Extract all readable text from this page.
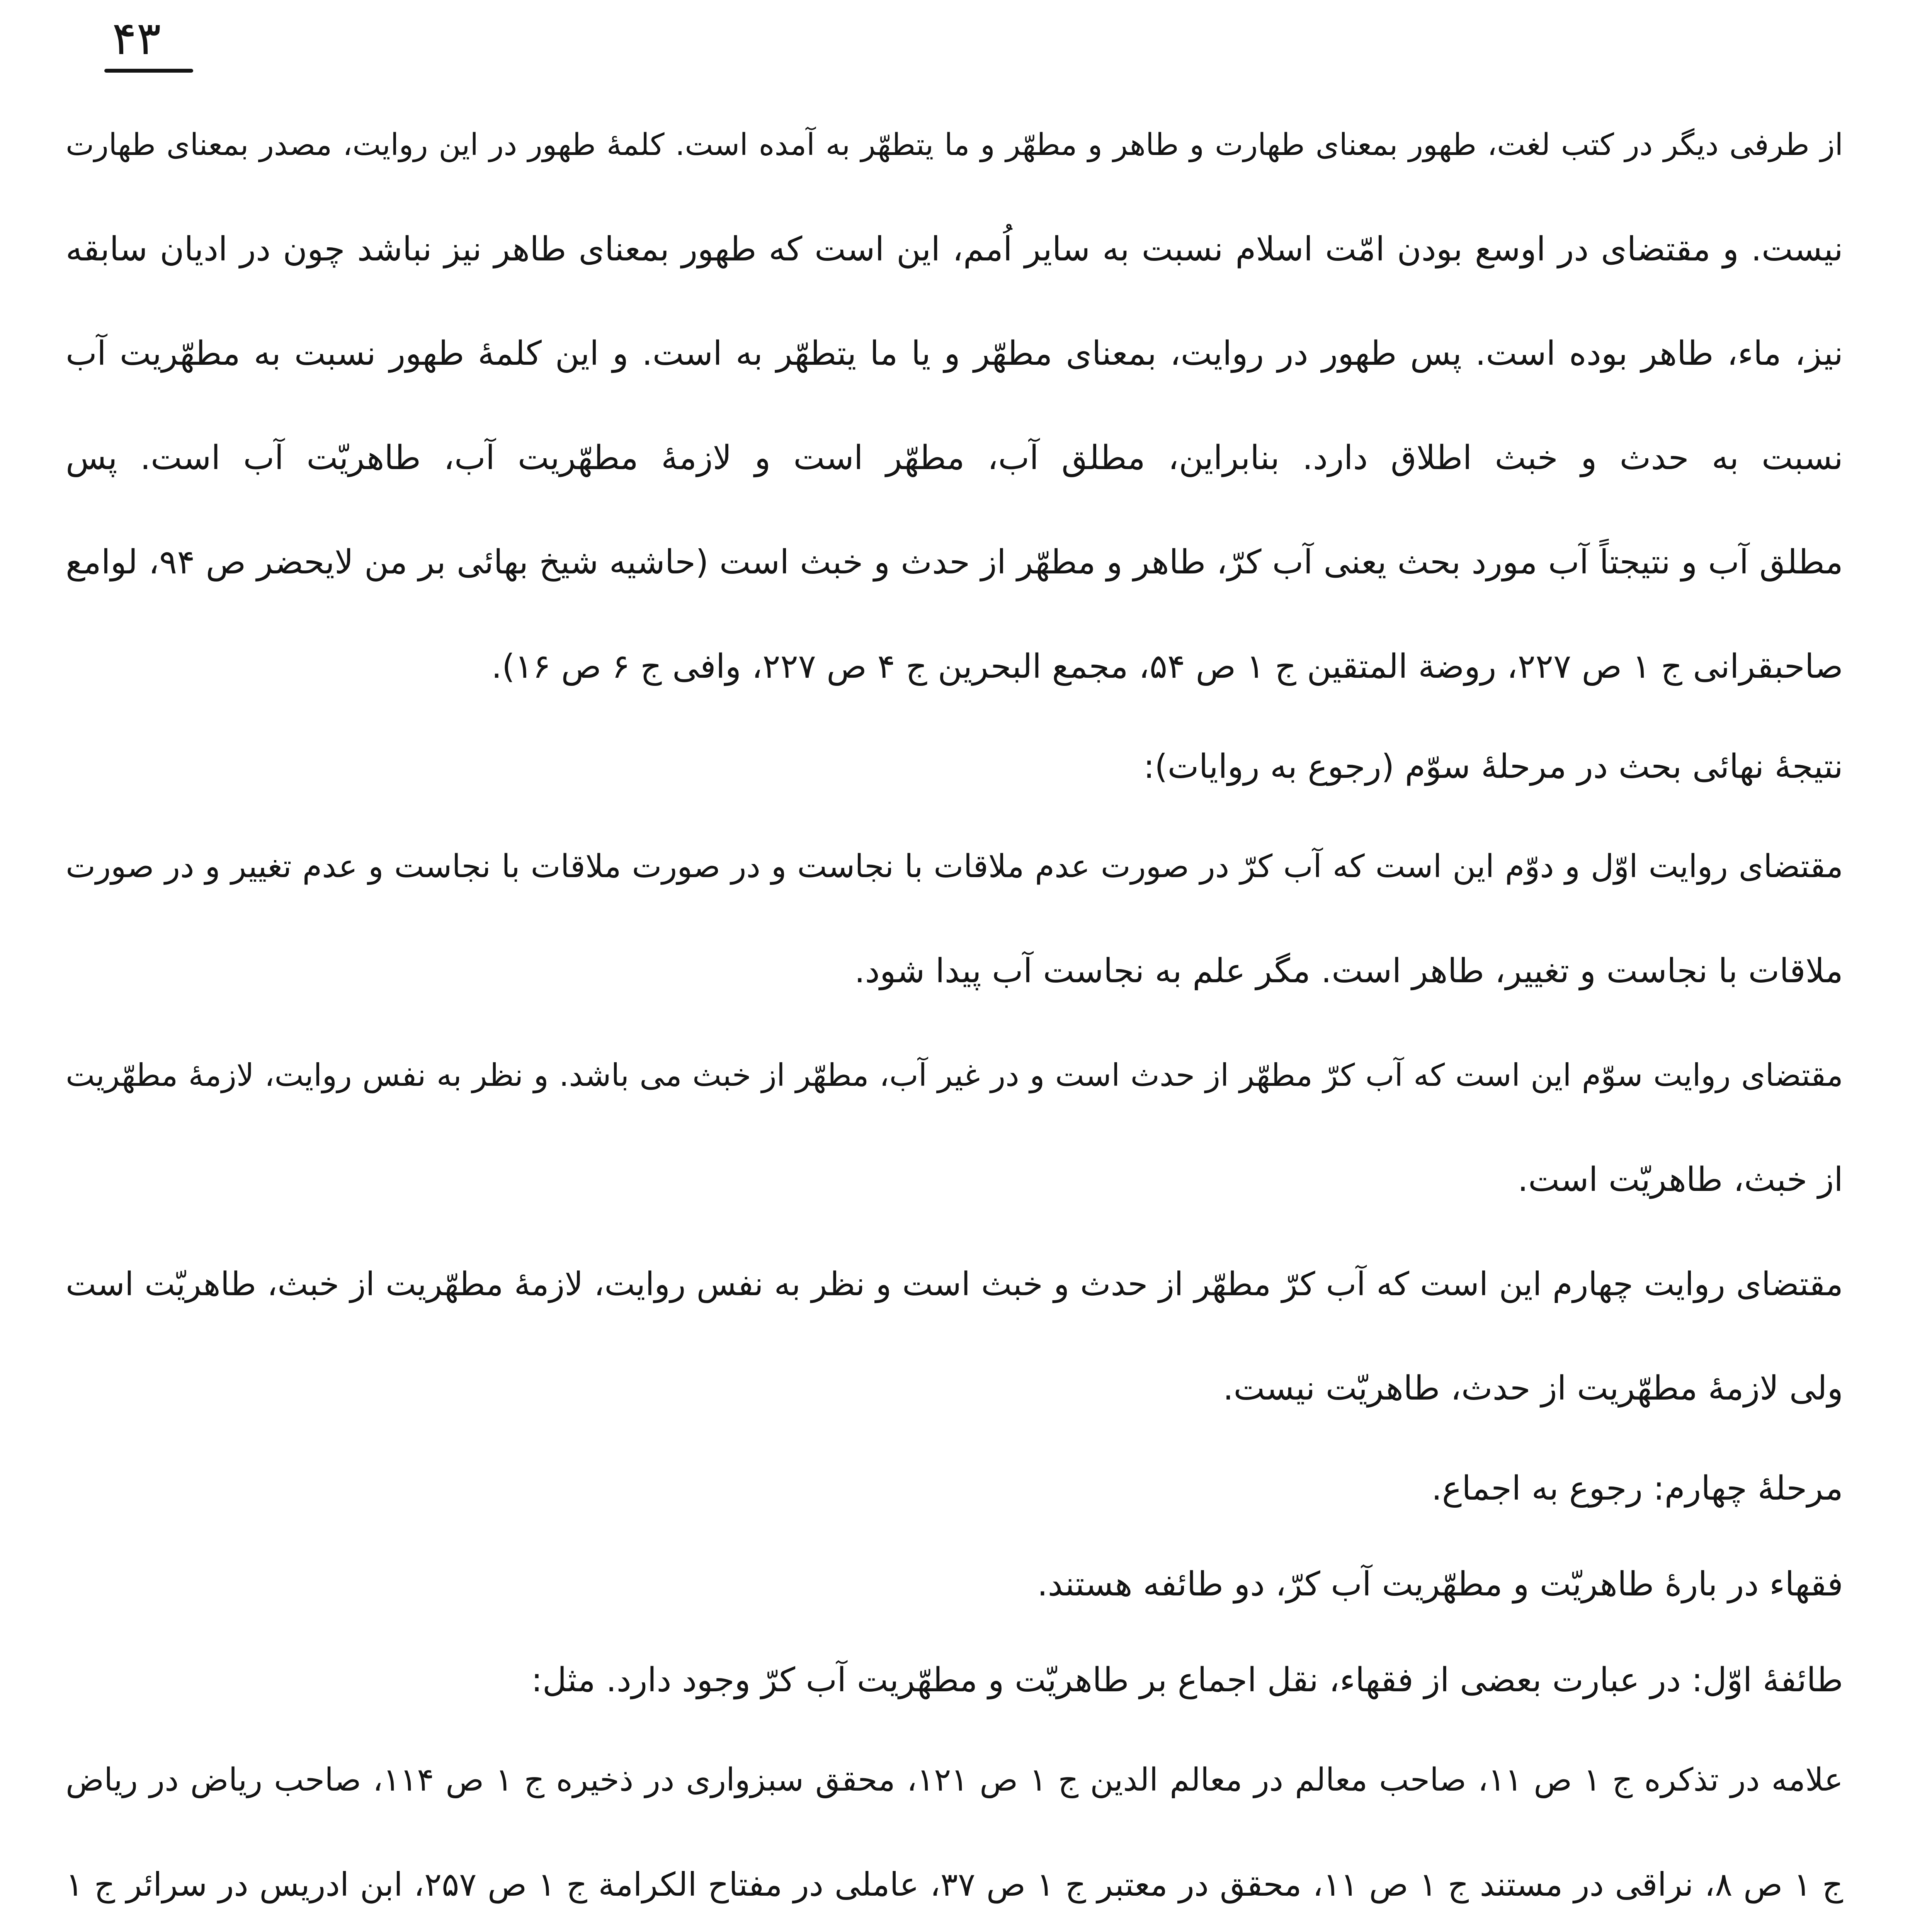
۴۳
از طرفی دیگر در کتب لغت، طهور بمعنای طهارت و طاهر و مطهّر و ما یتطهّر به آمده است. کلمهٔ طهور در این روایت، مصدر بمعنای طهارت
نیست. و مقتضای در اوسع بودن امّت اسلام نسبت به سایر اُمم، این است که طهور بمعنای طاهر نیز نباشد چون در ادیان سابقه
نیز، ماء، طاهر بوده است. پس طهور در روایت، بمعنای مطهّر و یا ما یتطهّر به است. و این کلمهٔ طهور نسبت به مطهّریت آب
نسبت به حدث و خبث اطلاق دارد. بنابراین، مطلق آب، مطهّر است و لازمهٔ مطهّریت آب، طاهریّت آب است. پس
مطلق آب و نتیجتاً آب مورد بحث یعنی آب کرّ، طاهر و مطهّر از حدث و خبث است (حاشیه شیخ بهائی بر من لایحضر ص ۹۴، لوامع
صاحبقرانی ج ۱ ص ۲۲۷، روضة المتقین ج ۱ ص ۵۴، مجمع البحرین ج ۴ ص ۲۲۷، وافی ج ۶ ص ۱۶).
نتیجهٔ نهائی بحث در مرحلهٔ سوّم (رجوع به روایات):
مقتضای روایت اوّل و دوّم این است که آب کرّ در صورت عدم ملاقات با نجاست و در صورت ملاقات با نجاست و عدم تغییر و در صورت
ملاقات با نجاست و تغییر، طاهر است. مگر علم به نجاست آب پیدا شود.
مقتضای روایت سوّم این است که آب کرّ مطهّر از حدث است و در غیر آب، مطهّر از خبث می باشد. و نظر به نفس روایت، لازمهٔ مطهّریت
از خبث، طاهریّت است.
مقتضای روایت چهارم این است که آب کرّ مطهّر از حدث و خبث است و نظر به نفس روایت، لازمهٔ مطهّریت از خبث، طاهریّت است
ولی لازمهٔ مطهّریت از حدث، طاهریّت نیست.
مرحلهٔ چهارم: رجوع به اجماع.
فقهاء در بارهٔ طاهریّت و مطهّریت آب کرّ، دو طائفه هستند.
طائفهٔ اوّل: در عبارت بعضی از فقهاء، نقل اجماع بر طاهریّت و مطهّریت آب کرّ وجود دارد. مثل:
علامه در تذکره ج ۱ ص ۱۱، صاحب معالم در معالم الدین ج ۱ ص ۱۲۱، محقق سبزواری در ذخیره ج ۱ ص ۱۱۴، صاحب ریاض در ریاض
ج ۱ ص ۸، نراقی در مستند ج ۱ ص ۱۱، محقق در معتبر ج ۱ ص ۳۷، عاملی در مفتاح الکرامة ج ۱ ص ۲۵۷، ابن ادریس در سرائر ج ۱
